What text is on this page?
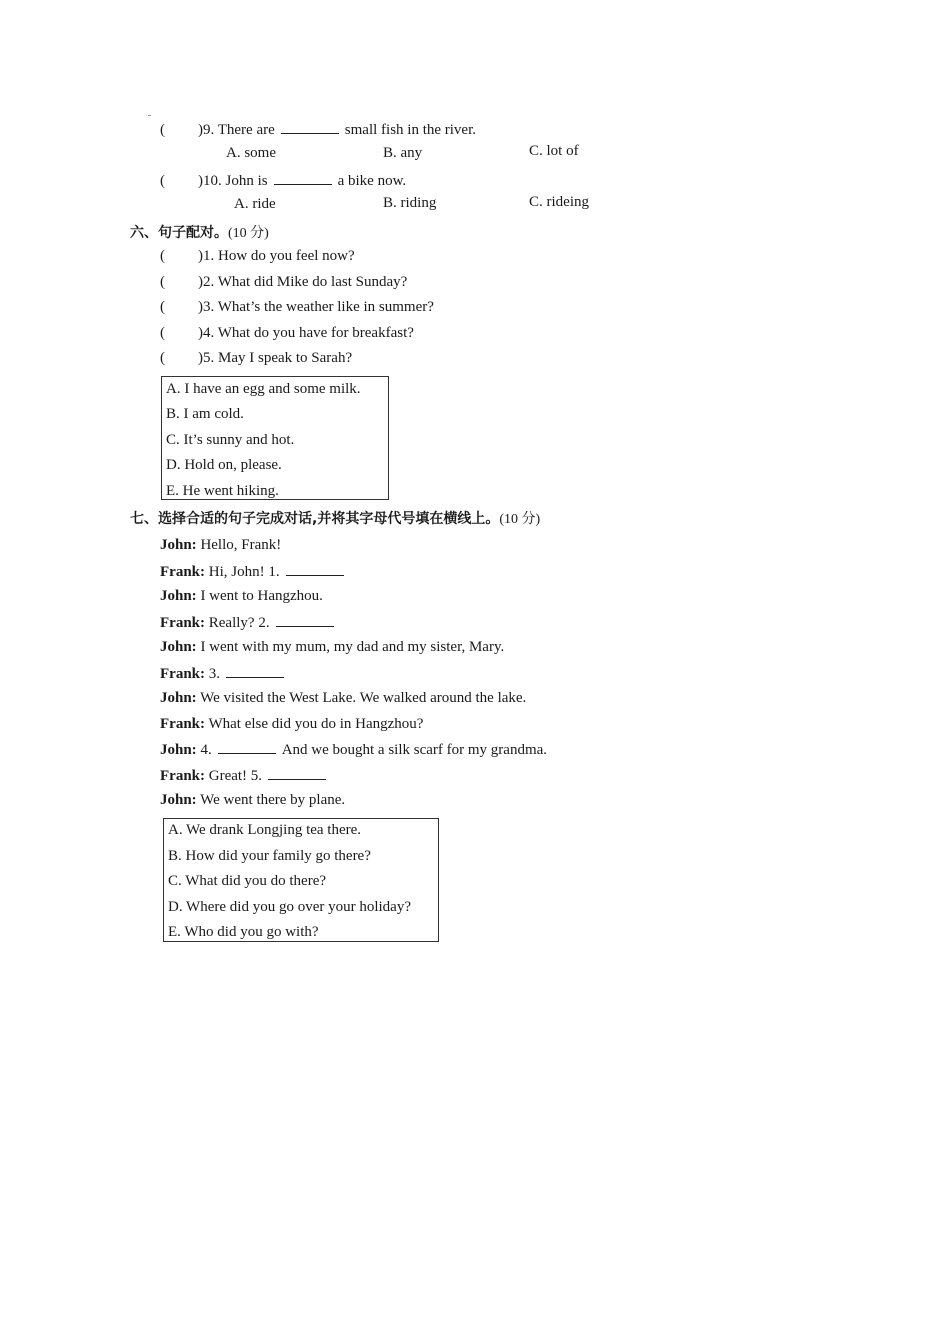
( )9. There are	small fish in the river.
A. some	B. any	C. lot of
( )10. John is	a bike now.
A. ride	B. riding	C. rideing
六、句子配对。(10 分)
( )1. How do you feel now?
( )2. What did Mike do last Sunday?
( )3. What’s the weather like in summer?
( )4. What do you have for breakfast?
( )5. May I speak to Sarah?
A. I have an egg and some milk.
B. I am cold.
C. It’s sunny and hot.
D. Hold on, please.
E. He went hiking.
七、选择合适的句子完成对话,并将其字母代号填在横线上。(10 分)
John: Hello, Frank!
Frank: Hi, John! 1.
John: I went to Hangzhou.
Frank: Really? 2.
John: I went with my mum, my dad and my sister, Mary.
Frank: 3.
John: We visited the West Lake. We walked around the lake.
Frank: What else did you do in Hangzhou?
John: 4.	And we bought a silk scarf for my grandma.
Frank: Great! 5.
John: We went there by plane.
A. We drank Longjing tea there.
B. How did your family go there?
C. What did you do there?
D. Where did you go over your holiday?
E. Who did you go with?
